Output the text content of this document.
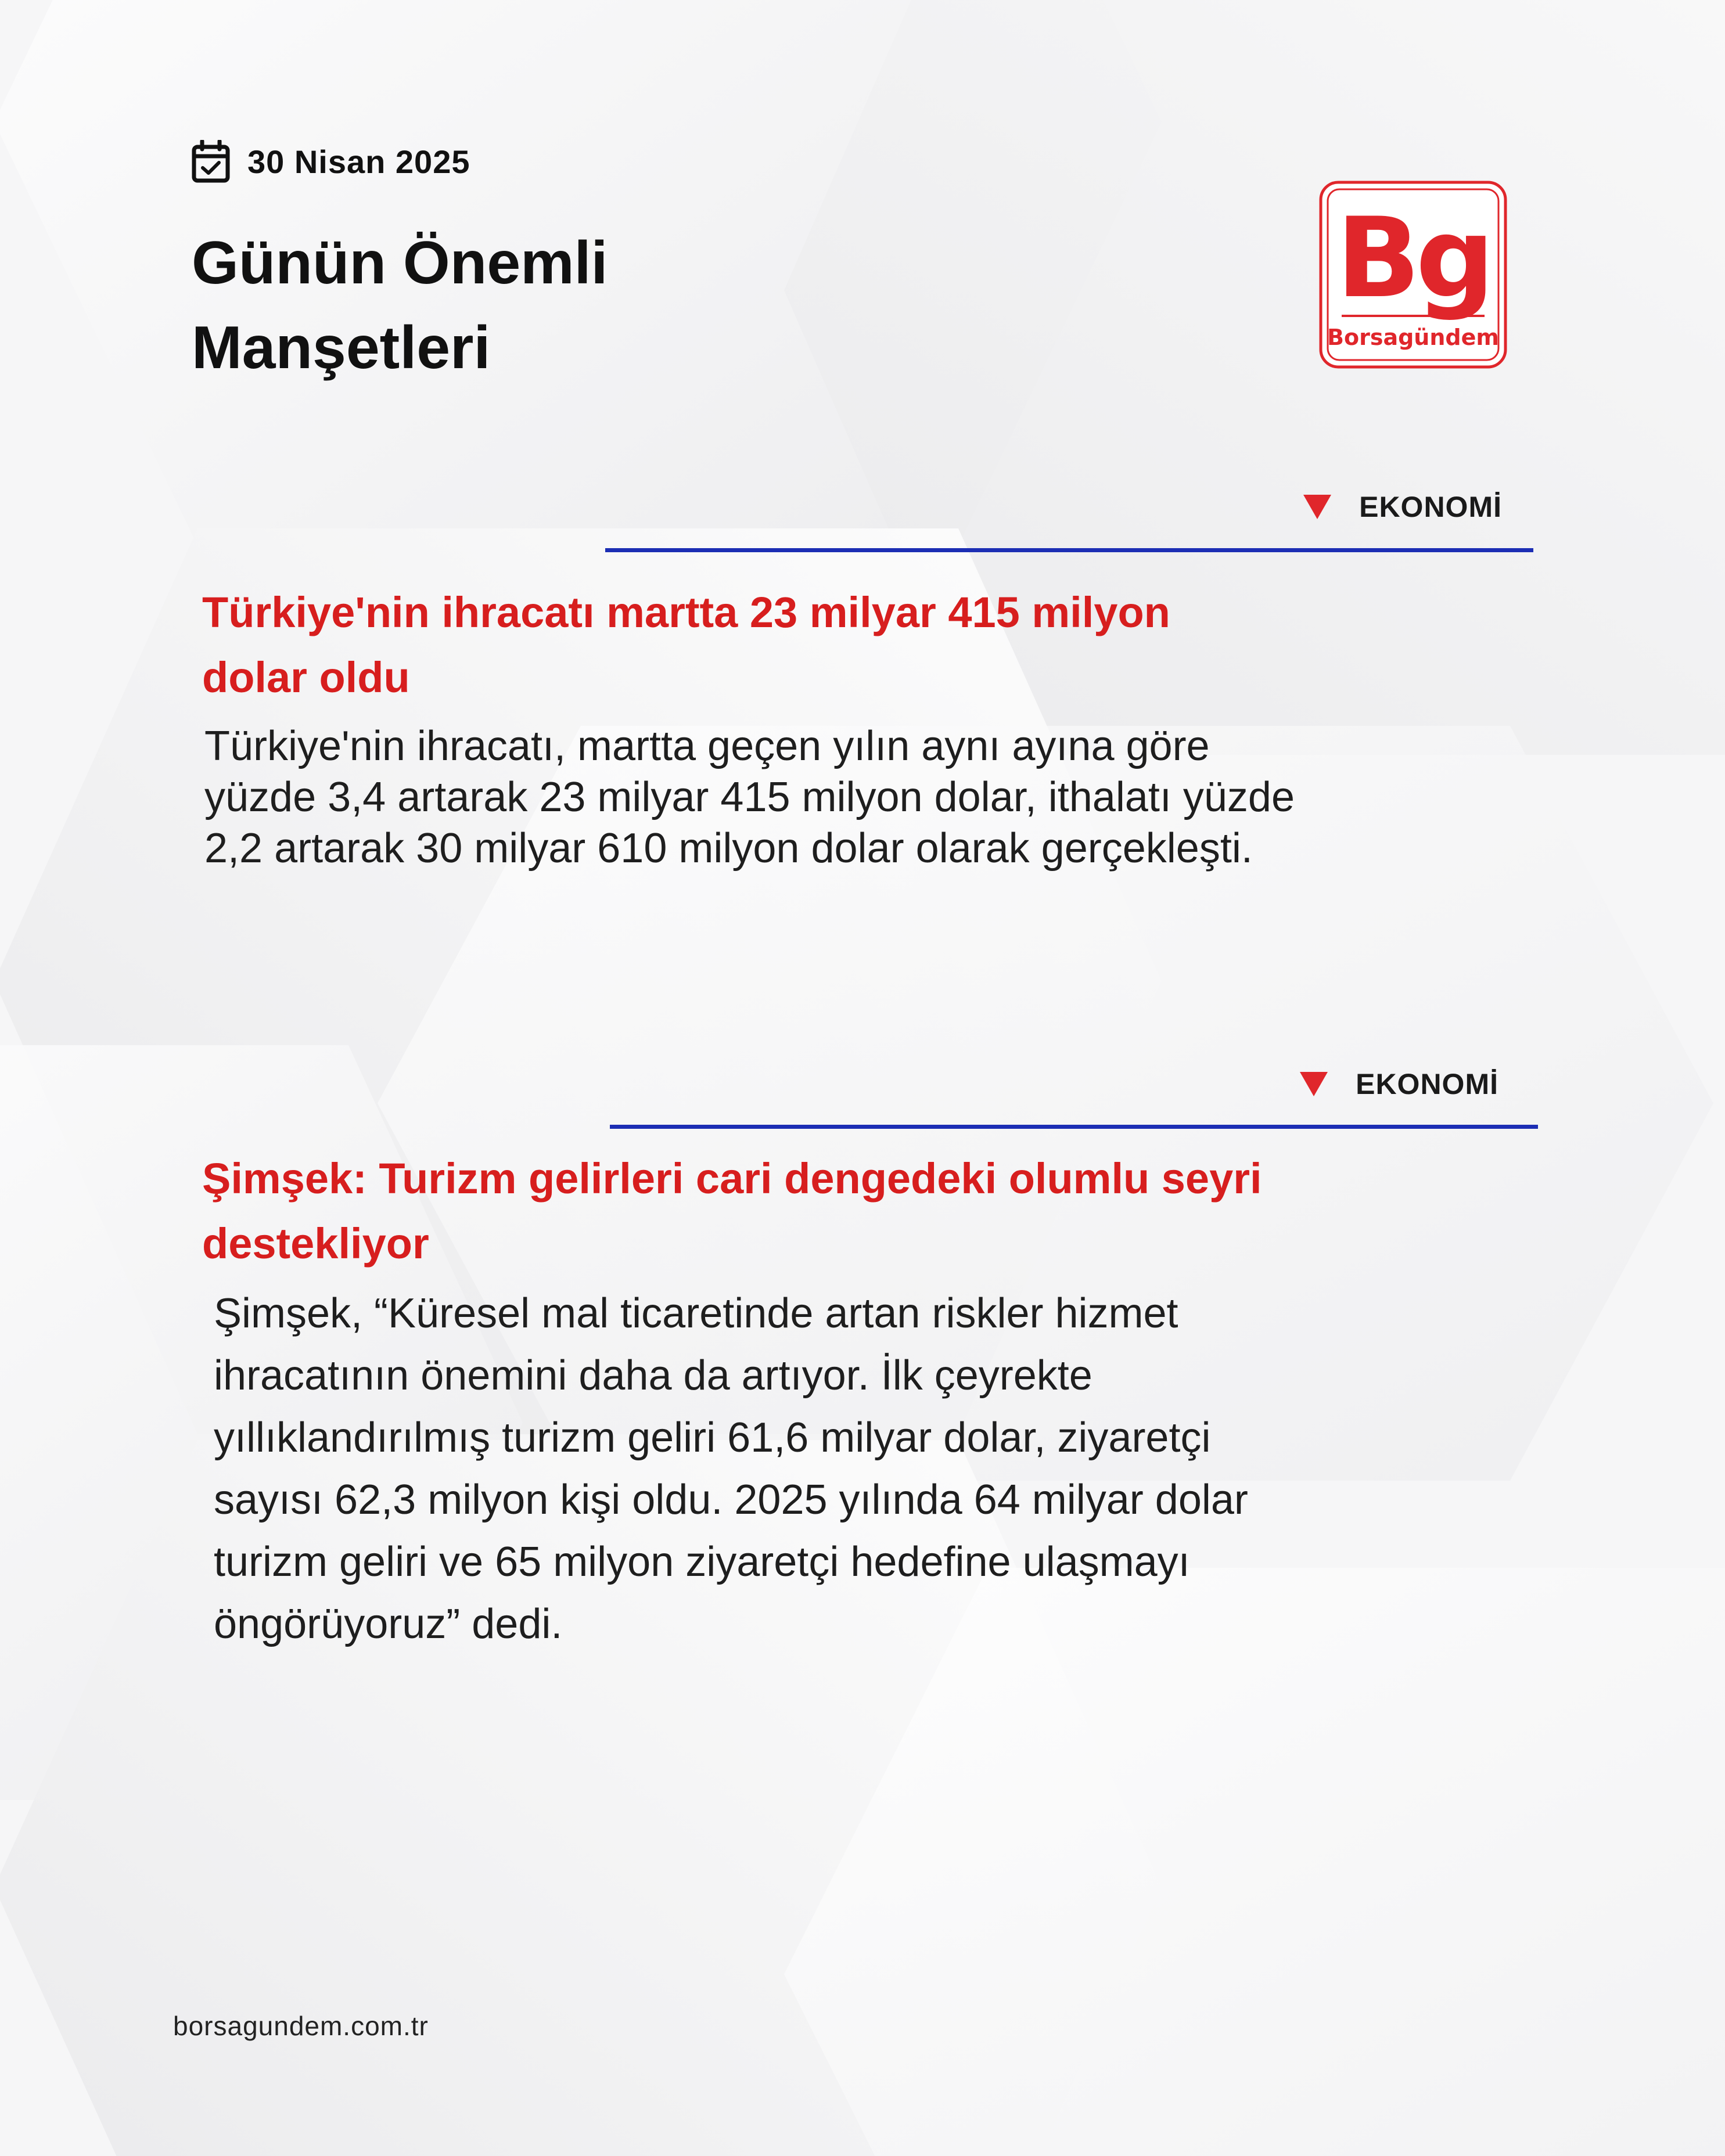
30 Nisan 2025
Günün Önemli
Manşetleri
Bg
Borsagündem
EKONOMİ
Türkiye'nin ihracatı martta 23 milyar 415 milyon
dolar oldu
Türkiye'nin ihracatı, martta geçen yılın aynı ayına göre
yüzde 3,4 artarak 23 milyar 415 milyon dolar, ithalatı yüzde
2,2 artarak 30 milyar 610 milyon dolar olarak gerçekleşti.
EKONOMİ
Şimşek: Turizm gelirleri cari dengedeki olumlu seyri
destekliyor
Şimşek, “Küresel mal ticaretinde artan riskler hizmet
ihracatının önemini daha da artıyor. İlk çeyrekte
yıllıklandırılmış turizm geliri 61,6 milyar dolar, ziyaretçi
sayısı 62,3 milyon kişi oldu. 2025 yılında 64 milyar dolar
turizm geliri ve 65 milyon ziyaretçi hedefine ulaşmayı
öngörüyoruz” dedi.
borsagundem.com.tr
